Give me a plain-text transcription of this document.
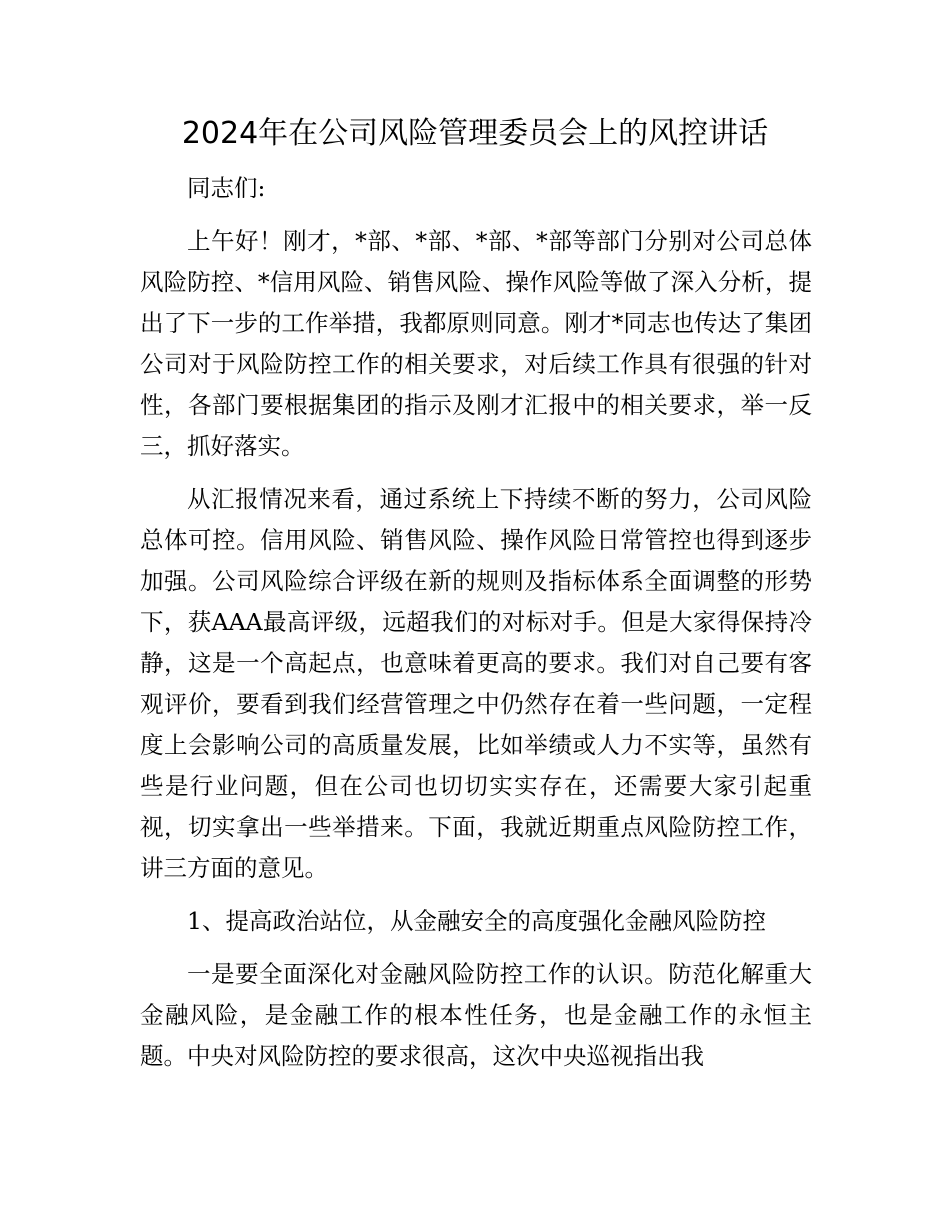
2024年在公司风险管理委员会上的风控讲话

同志们:

上午好！刚才，*部、*部、*部、*部等部门分别对公司总体风险防控、*信用风险、销售风险、操作风险等做了深入分析，提出了下一步的工作举措，我都原则同意。刚才*同志也传达了集团公司对于风险防控工作的相关要求，对后续工作具有很强的针对性，各部门要根据集团的指示及刚才汇报中的相关要求，举一反三，抓好落实。

从汇报情况来看，通过系统上下持续不断的努力，公司风险总体可控。信用风险、销售风险、操作风险日常管控也得到逐步加强。公司风险综合评级在新的规则及指标体系全面调整的形势下，获AAA最高评级，远超我们的对标对手。但是大家得保持冷静，这是一个高起点，也意味着更高的要求。我们对自己要有客观评价，要看到我们经营管理之中仍然存在着一些问题，一定程度上会影响公司的高质量发展，比如举绩或人力不实等，虽然有些是行业问题，但在公司也切切实实存在，还需要大家引起重视，切实拿出一些举措来。下面，我就近期重点风险防控工作，讲三方面的意见。

1、提高政治站位，从金融安全的高度强化金融风险防控

一是要全面深化对金融风险防控工作的认识。防范化解重大金融风险，是金融工作的根本性任务，也是金融工作的永恒主题。中央对风险防控的要求很高，这次中央巡视指出我
